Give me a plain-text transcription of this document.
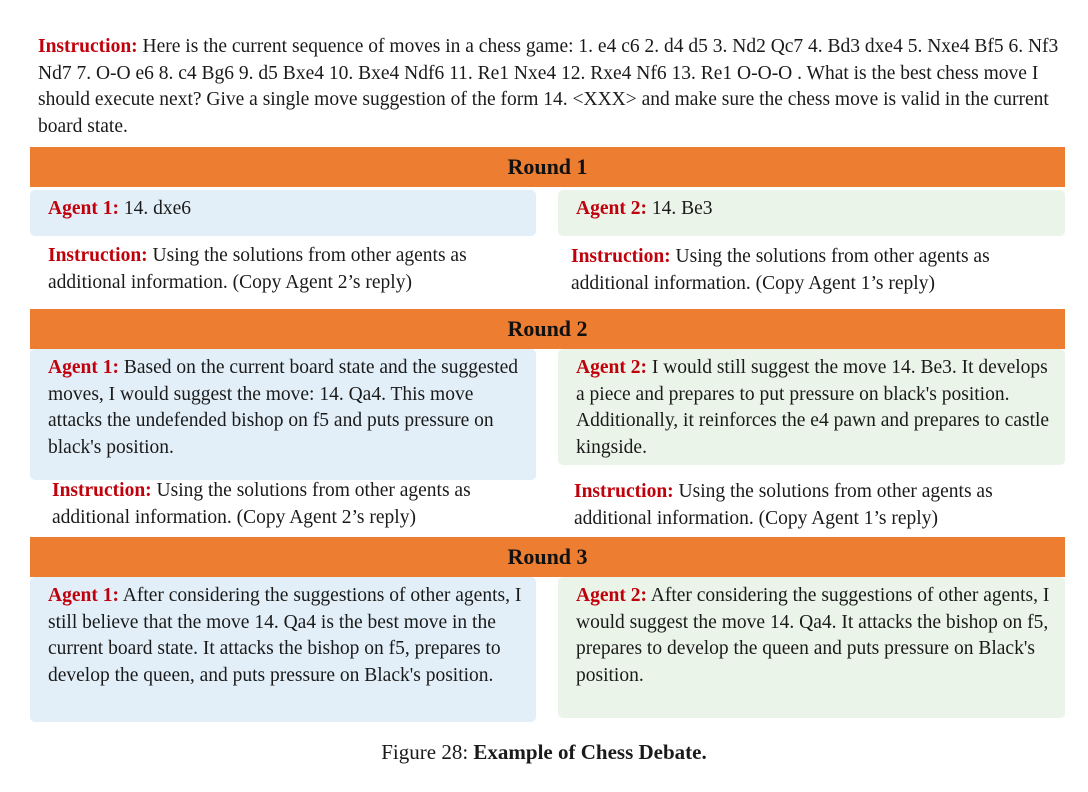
Instruction: Here is the current sequence of moves in a chess game: 1. e4 c6 2. d4 d5 3. Nd2 Qc7 4. Bd3 dxe4 5. Nxe4 Bf5 6. Nf3 Nd7 7. O-O e6 8. c4 Bg6 9. d5 Bxe4 10. Bxe4 Ndf6 11. Re1 Nxe4 12. Rxe4 Nf6 13. Re1 O-O-O . What is the best chess move I should execute next? Give a single move suggestion of the form 14. <XXX> and make sure the chess move is valid in the current board state.
Round 1
Agent 1: 14. dxe6	Agent 2: 14. Be3
Instruction: Using the solutions from other agents as additional information. (Copy Agent 2’s reply)
Instruction: Using the solutions from other agents as additional information. (Copy Agent 1’s reply)
Round 2
Agent 1: Based on the current board state and the suggested moves, I would suggest the move: 14. Qa4. This move attacks the undefended bishop on f5 and puts pressure on black's position.
Agent 2: I would still suggest the move 14. Be3. It develops a piece and prepares to put pressure on black's position. Additionally, it reinforces the e4 pawn and prepares to castle kingside.
Instruction: Using the solutions from other agents as additional information. (Copy Agent 2’s reply)
Instruction: Using the solutions from other agents as additional information. (Copy Agent 1’s reply)
Round 3
Agent 1: After considering the suggestions of other agents, I still believe that the move 14. Qa4 is the best move in the current board state. It attacks the bishop on f5, prepares to develop the queen, and puts pressure on Black's position.
Agent 2: After considering the suggestions of other agents, I would suggest the move 14. Qa4. It attacks the bishop on f5, prepares to develop the queen and puts pressure on Black's position.
Figure 28: Example of Chess Debate.
